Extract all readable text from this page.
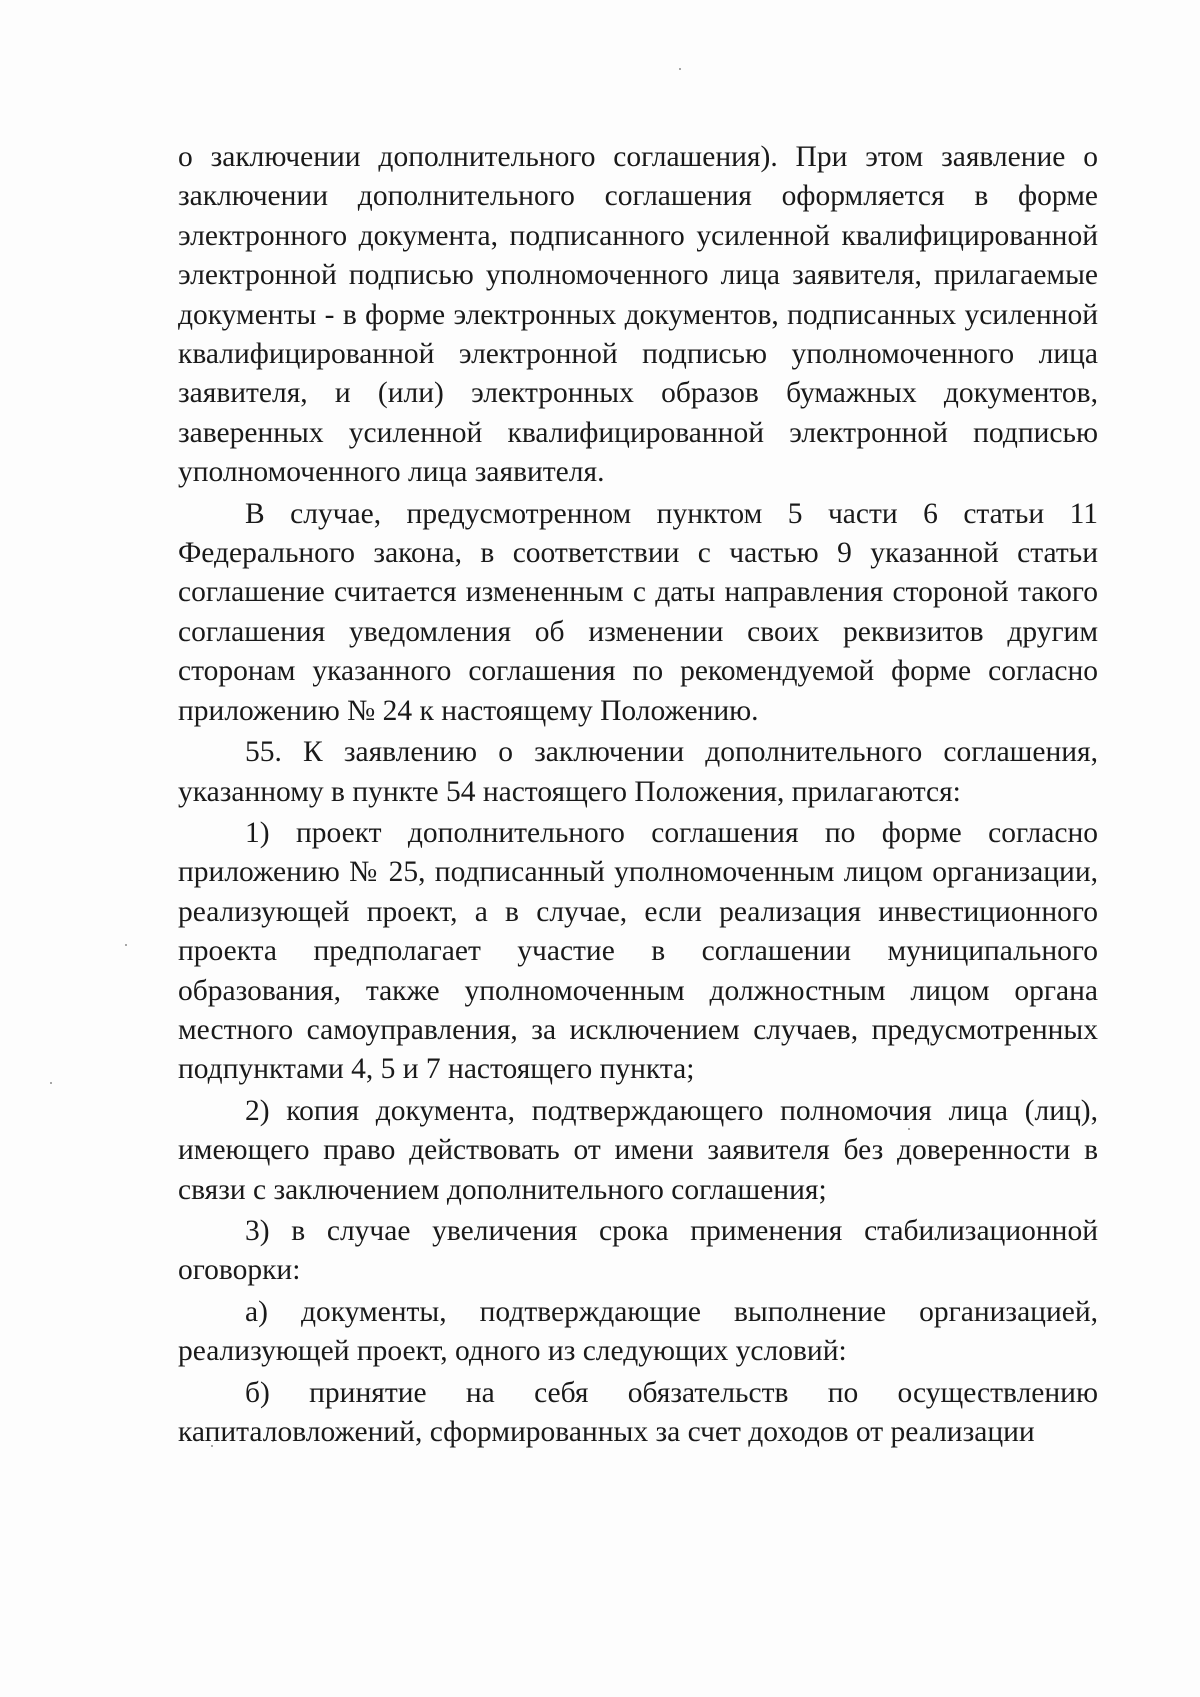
о заключении дополнительного соглашения). При этом заявление о заключении дополнительного соглашения оформляется в форме электронного документа, подписанного усиленной квалифицированной электронной подписью уполномоченного лица заявителя, прилагаемые документы - в форме электронных документов, подписанных усиленной квалифицированной электронной подписью уполномоченного лица заявителя, и (или) электронных образов бумажных документов, заверенных усиленной квалифицированной электронной подписью уполномоченного лица заявителя.

В случае, предусмотренном пунктом 5 части 6 статьи 11 Федерального закона, в соответствии с частью 9 указанной статьи соглашение считается измененным с даты направления стороной такого соглашения уведомления об изменении своих реквизитов другим сторонам указанного соглашения по рекомендуемой форме согласно приложению № 24 к настоящему Положению.

55. К заявлению о заключении дополнительного соглашения, указанному в пункте 54 настоящего Положения, прилагаются:

1) проект дополнительного соглашения по форме согласно приложению № 25, подписанный уполномоченным лицом организации, реализующей проект, а в случае, если реализация инвестиционного проекта предполагает участие в соглашении муниципального образования, также уполномоченным должностным лицом органа местного самоуправления, за исключением случаев, предусмотренных подпунктами 4, 5 и 7 настоящего пункта;

2) копия документа, подтверждающего полномочия лица (лиц), имеющего право действовать от имени заявителя без доверенности в связи с заключением дополнительного соглашения;

3) в случае увеличения срока применения стабилизационной оговорки:

а) документы, подтверждающие выполнение организацией, реализующей проект, одного из следующих условий:

б) принятие на себя обязательств по осуществлению капиталовложений, сформированных за счет доходов от реализации
